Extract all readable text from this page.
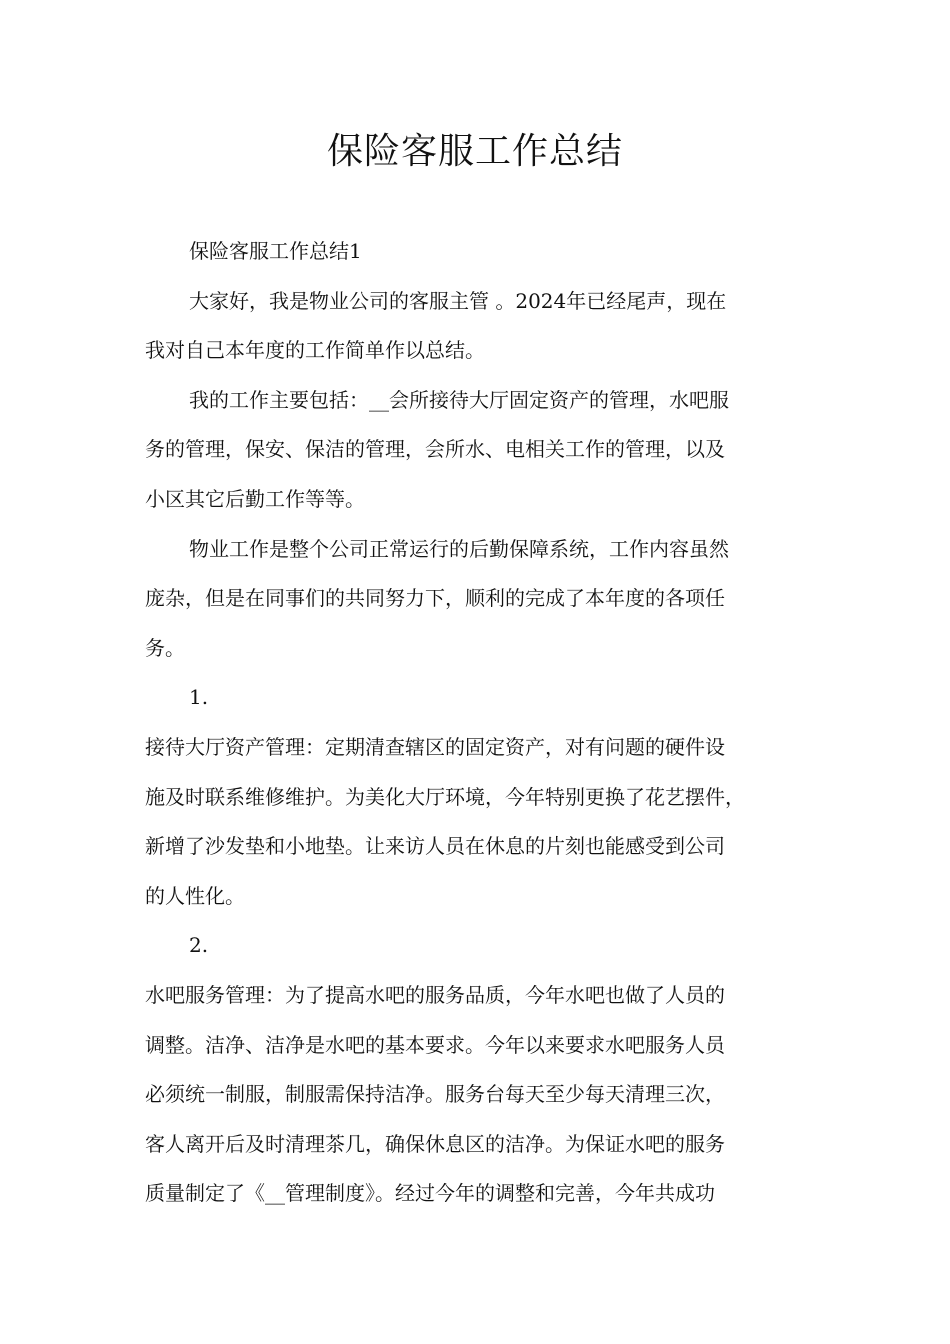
保险客服工作总结
保险客服工作总结1
大家好，我是物业公司的客服主管 。2024年已经尾声，现在
我对自己本年度的工作简单作以总结。
我的工作主要包括：__会所接待大厅固定资产的管理，水吧服
务的管理，保安、保洁的管理，会所水、电相关工作的管理，以及
小区其它后勤工作等等。
物业工作是整个公司正常运行的后勤保障系统，工作内容虽然
庞杂，但是在同事们的共同努力下，顺利的完成了本年度的各项任
务。
1.
接待大厅资产管理：定期清查辖区的固定资产，对有问题的硬件设
施及时联系维修维护。为美化大厅环境，今年特别更换了花艺摆件，
新增了沙发垫和小地垫。让来访人员在休息的片刻也能感受到公司
的人性化。
2.
水吧服务管理：为了提高水吧的服务品质，今年水吧也做了人员的
调整。洁净、洁净是水吧的基本要求。今年以来要求水吧服务人员
必须统一制服，制服需保持洁净。服务台每天至少每天清理三次，
客人离开后及时清理茶几，确保休息区的洁净。为保证水吧的服务
质量制定了《__管理制度》。经过今年的调整和完善，今年共成功
